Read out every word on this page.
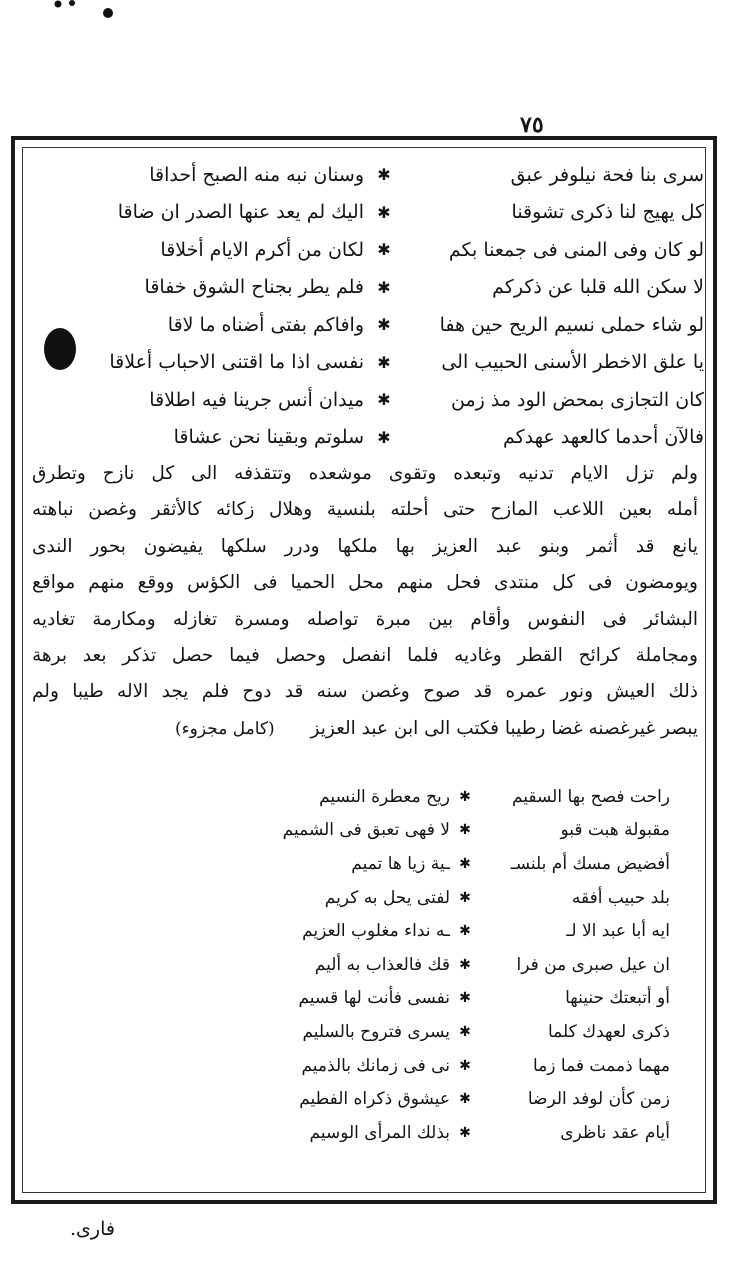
٧٥
سرى بنا فحة نيلوفر عبق
✱
وسنان نبه منه الصبح أحداقا
كل يهيج لنا ذكرى تشوقنا
✱
اليك لم يعد عنها الصدر ان ضاقا
لو كان وفى المنى فى جمعنا بكم
✱
لكان من أكرم الايام أخلاقا
لا سكن الله قلبا عن ذكركم
✱
فلم يطر بجناح الشوق خفاقا
لو شاء حملى نسيم الريح حين هفا
✱
وافاكم بفتى أضناه ما لاقا
يا علق الاخطر الأسنى الحبيب الى
✱
نفسى اذا ما اقتنى الاحباب أعلاقا
كان التجازى بمحض الود مذ زمن
✱
ميدان أنس جرينا فيه اطلاقا
فالآن أحدما كالعهد عهدكم
✱
سلوتم وبقينا نحن عشاقا
ولم تزل الايام تدنيه وتبعده وتقوى موشعده وتتقذفه الى كل نازح وتطرق
أمله بعين اللاعب المازح حتى أحلته بلنسية وهلال زكائه كالأثقر وغصن نباهته
يانع قد أثمر وبنو عبد العزيز بها ملكها ودرر سلكها يفيضون بحور الندى
ويومضون فى كل منتدى فحل منهم محل الحميا فى الكؤس ووقع منهم مواقع
البشائر فى النفوس وأقام بين مبرة تواصله ومسرة تغازله ومكارمة تغاديه
ومجاملة كرائح القطر وغاديه فلما انفصل وحصل فيما حصل تذكر بعد برهة
ذلك العيش ونور عمره قد صوح وغصن سنه قد دوح فلم يجد الاله طيبا ولم
يبصر غيرغصنه غضا رطيبا فكتب الى ابن عبد العزيز (كامل مجزوء)
راحت فصح بها السقيم
✱
ريح معطرة النسيم
مقبولة هبت قبو
✱
لا فهى تعبق فى الشميم
أفضيض مسك أم بلنسـ
✱
ـية زيا ها تميم
بلد حبيب أفقه
✱
لفتى يحل به كريم
ايه أبا عبد الا لـ
✱
ـه نداء مغلوب العزيم
ان عيل صبرى من فرا
✱
قك فالعذاب به أليم
أو أتبعتك حنينها
✱
نفسى فأنت لها قسيم
ذكرى لعهدك كلما
✱
يسرى فتروح بالسليم
مهما ذممت فما زما
✱
نى فى زمانك بالذميم
زمن كأن لوفد الرضا
✱
عيشوق ذكراه الفطيم
أيام عقد ناظرى
✱
بذلك المرأى الوسيم
فارى.
